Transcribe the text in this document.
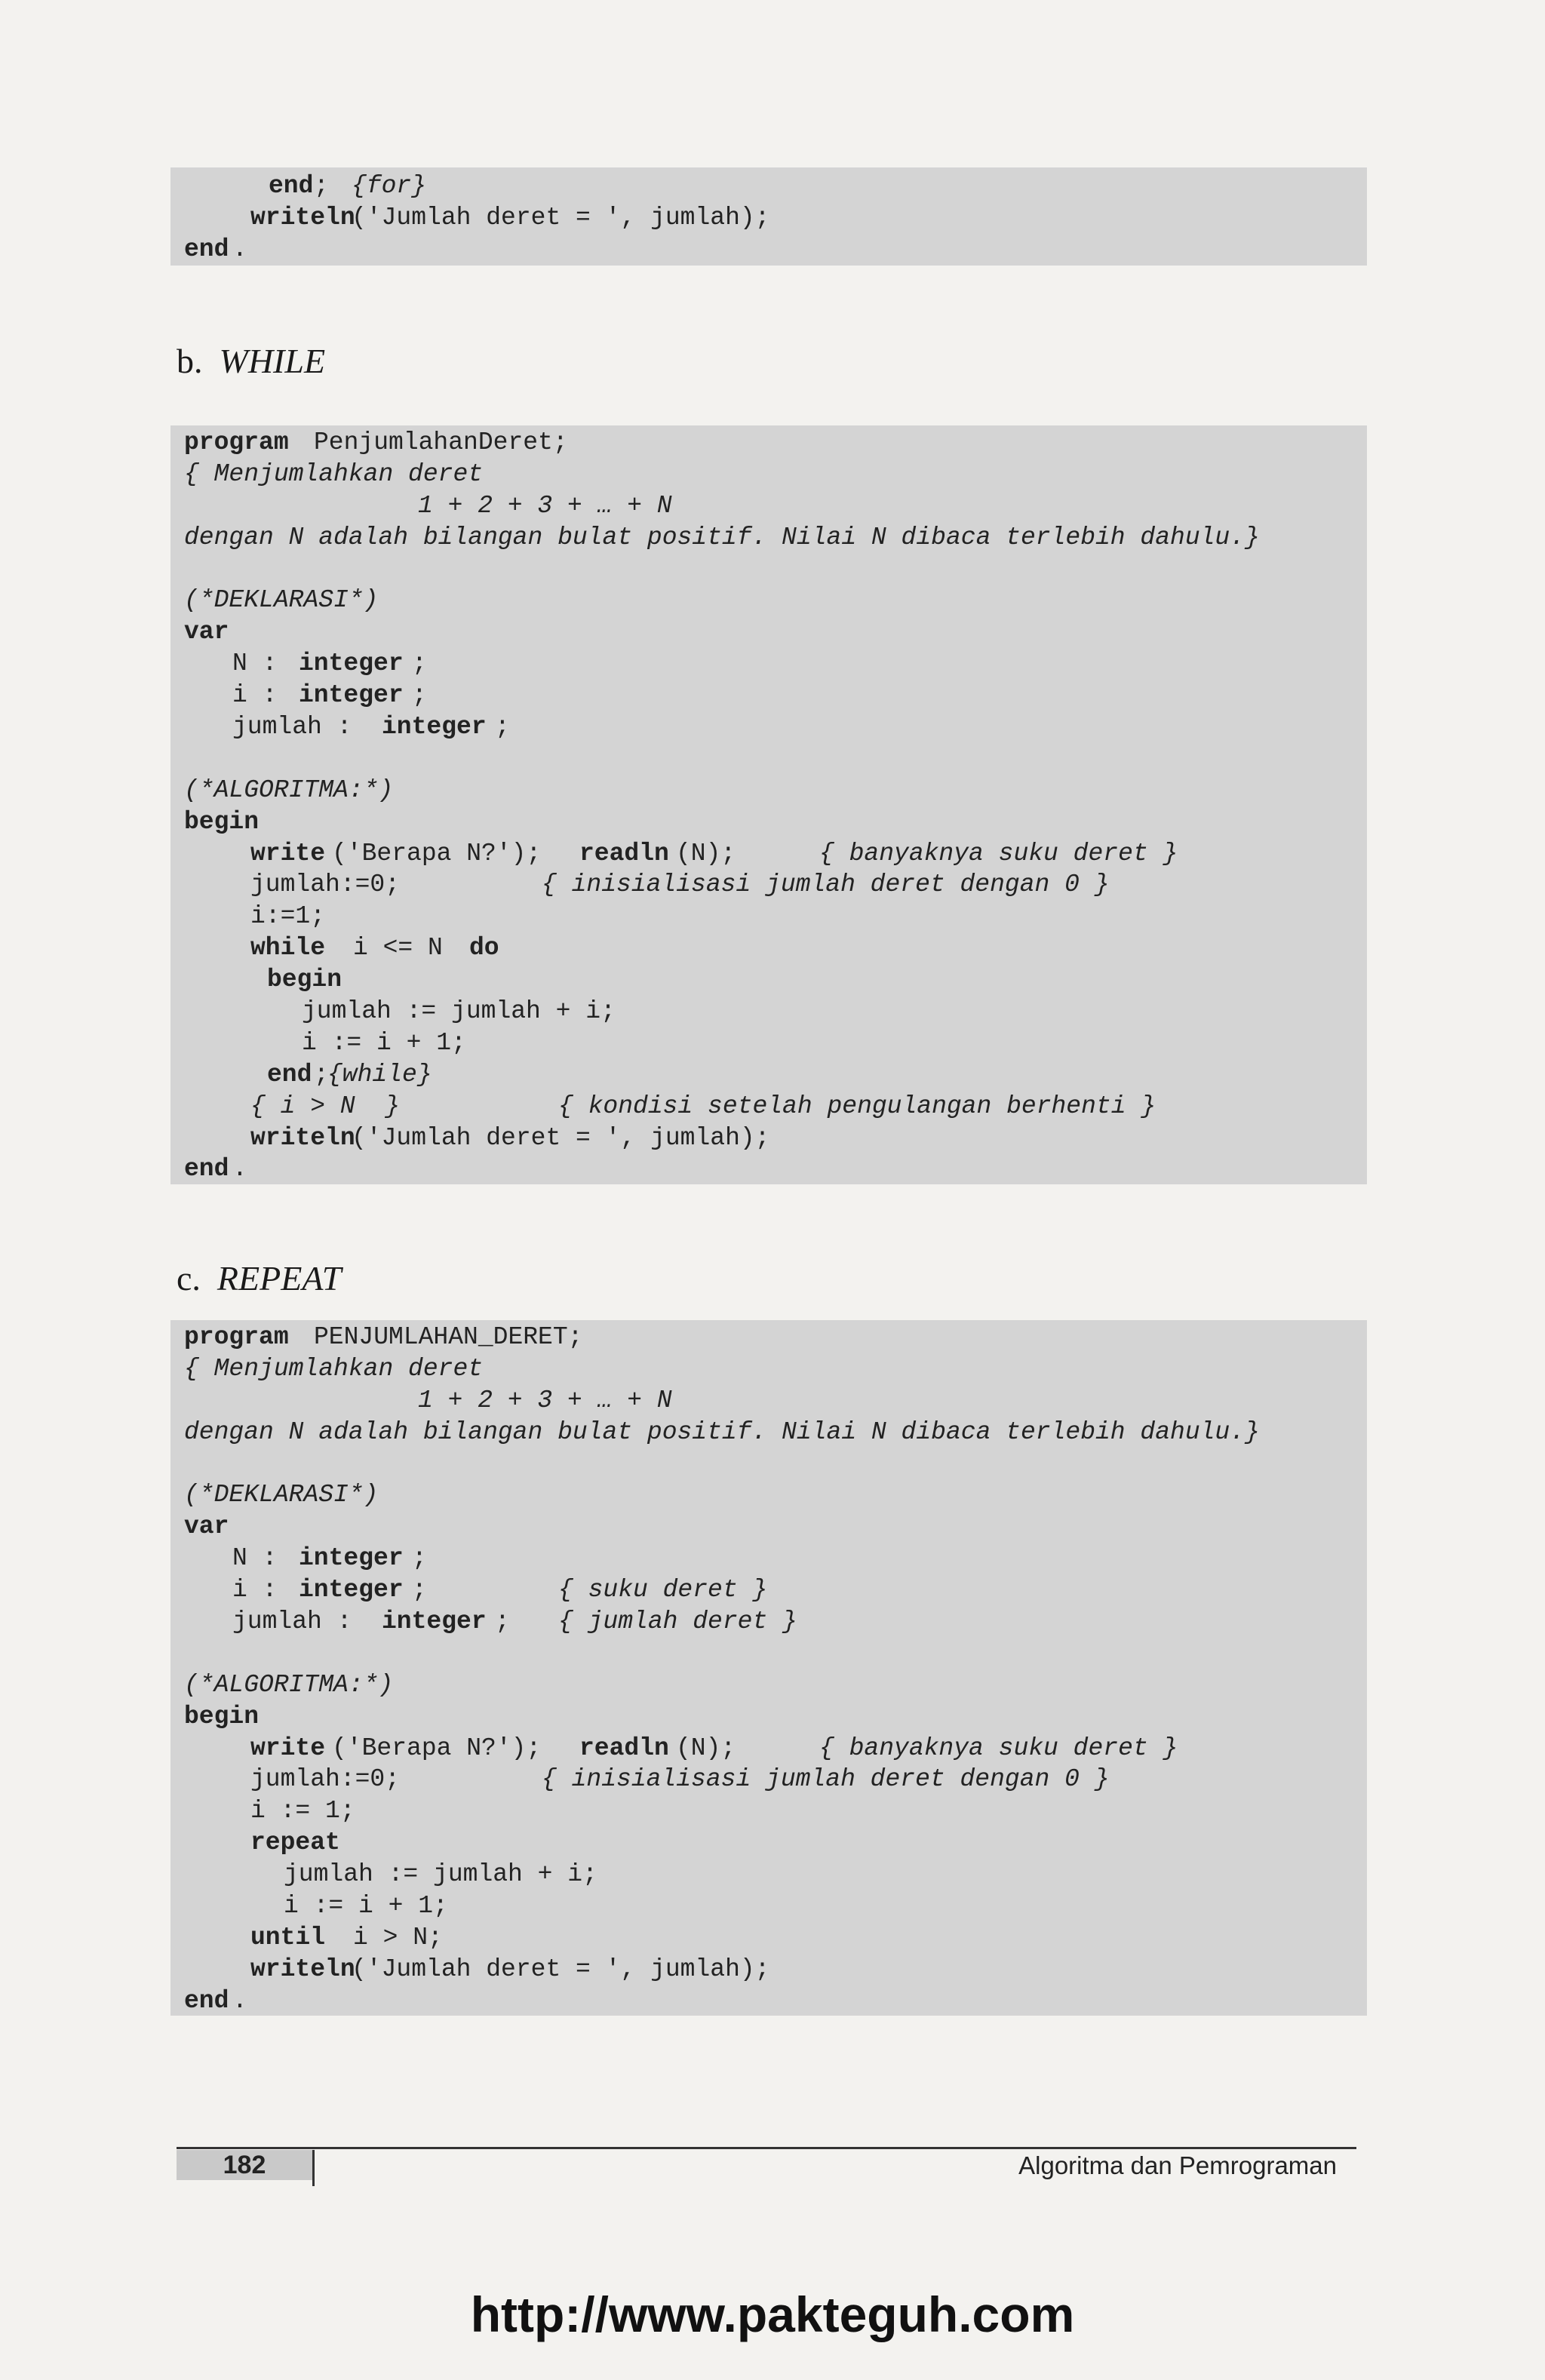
end ; {for}
writeln
('Jumlah deret = ', jumlah);
end .
b. WHILE
program PenjumlahanDeret;
{ Menjumlahkan deret
1 + 2 + 3 + … + N
dengan N adalah bilangan bulat positif. Nilai N dibaca terlebih dahulu.}
(*DEKLARASI*)
var
N : integer ;
i : integer ;
jumlah : integer ;
(*ALGORITMA:*)
begin
write ('Berapa N?'); readln (N);	{ banyaknya suku deret }
jumlah:=0;	{ inisialisasi jumlah deret dengan 0 }
i:=1;
while i <= N do
begin
jumlah := jumlah + i;
i := i + 1;
end ;
{while}
{ i > N  }	{ kondisi setelah pengulangan berhenti }
writeln
('Jumlah deret = ', jumlah);
end .
c. REPEAT
program PENJUMLAHAN_DERET;
{ Menjumlahkan deret
1 + 2 + 3 + … + N
dengan N adalah bilangan bulat positif. Nilai N dibaca terlebih dahulu.}
(*DEKLARASI*)
var
N : integer ;
i : integer ;	{ suku deret }
jumlah : integer ; { jumlah deret }
(*ALGORITMA:*)
begin
write ('Berapa N?'); readln (N);	{ banyaknya suku deret }
jumlah:=0;	{ inisialisasi jumlah deret dengan 0 }
i := 1;
repeat
jumlah := jumlah + i;
i := i + 1;
until i > N;
writeln
('Jumlah deret = ', jumlah);
end .
182	Algoritma dan Pemrograman
http://www.pakteguh.com
